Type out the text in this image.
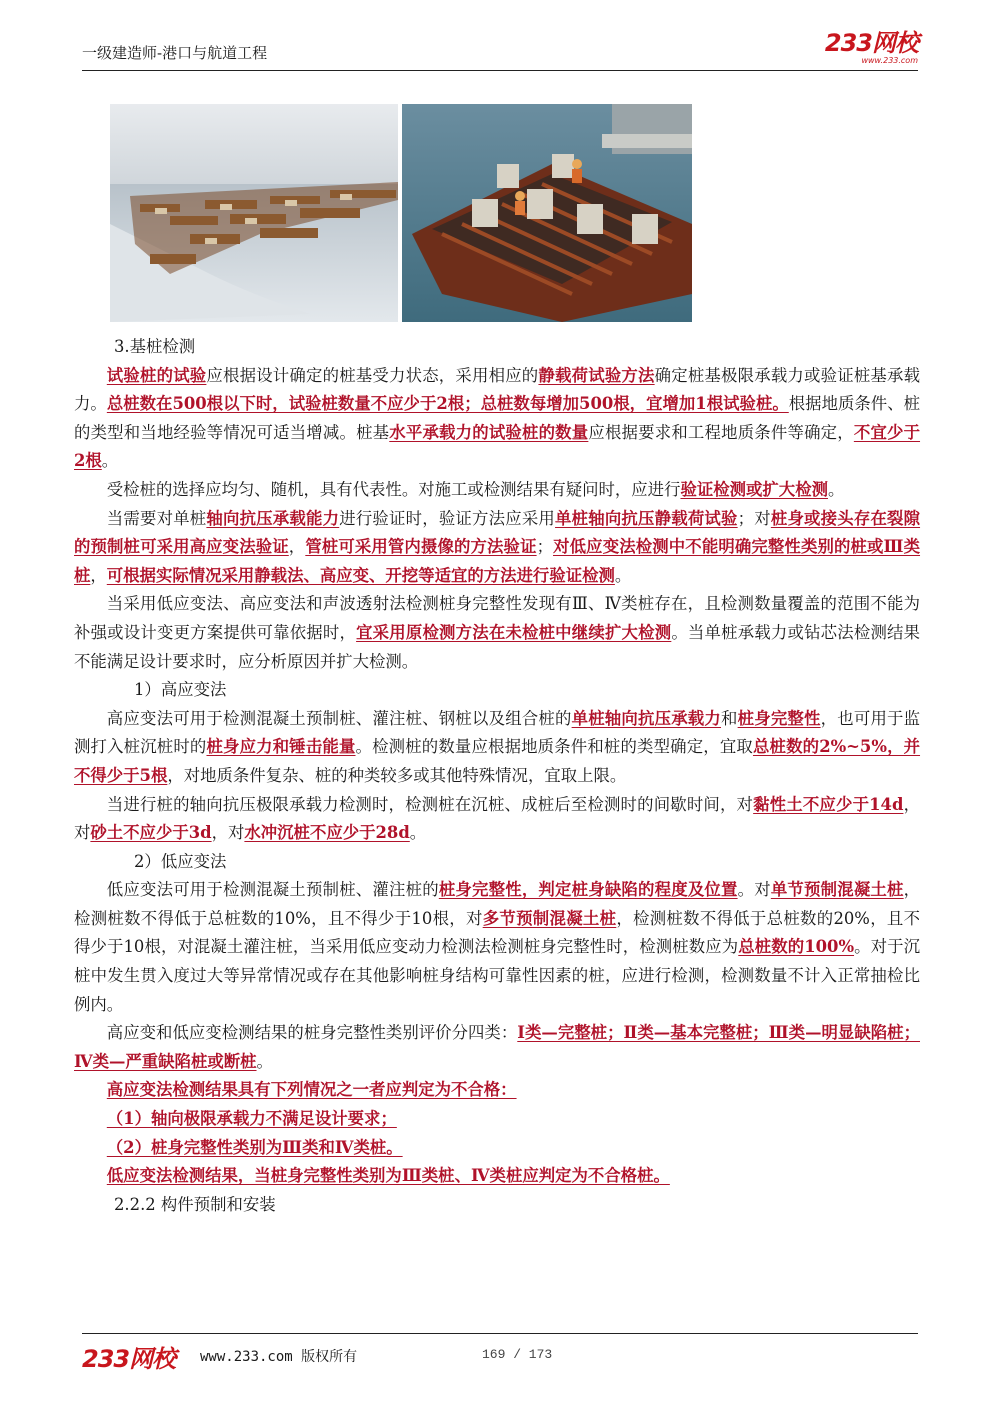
一级建造师-港口与航道工程	233网校
www.233.com

3.基桩检测

试验桩的试验应根据设计确定的桩基受力状态，采用相应的静载荷试验方法确定桩基极限承载力或验证桩基承载力。总桩数在500根以下时，试验桩数量不应少于2根；总桩数每增加500根，宜增加1根试验桩。根据地质条件、桩的类型和当地经验等情况可适当增减。桩基水平承载力的试验桩的数量应根据要求和工程地质条件等确定，不宜少于2根。

受检桩的选择应均匀、随机，具有代表性。对施工或检测结果有疑问时，应进行验证检测或扩大检测。

当需要对单桩轴向抗压承载能力进行验证时，验证方法应采用单桩轴向抗压静载荷试验；对桩身或接头存在裂隙的预制桩可采用高应变法验证，管桩可采用管内摄像的方法验证；对低应变法检测中不能明确完整性类别的桩或Ⅲ类桩，可根据实际情况采用静载法、高应变、开挖等适宜的方法进行验证检测。

当采用低应变法、高应变法和声波透射法检测桩身完整性发现有Ⅲ、Ⅳ类桩存在，且检测数量覆盖的范围不能为补强或设计变更方案提供可靠依据时，宜采用原检测方法在未检桩中继续扩大检测。当单桩承载力或钻芯法检测结果不能满足设计要求时，应分析原因并扩大检测。

1）高应变法

高应变法可用于检测混凝土预制桩、灌注桩、钢桩以及组合桩的单桩轴向抗压承载力和桩身完整性，也可用于监测打入桩沉桩时的桩身应力和锤击能量。检测桩的数量应根据地质条件和桩的类型确定，宜取总桩数的2%~5%，并不得少于5根，对地质条件复杂、桩的种类较多或其他特殊情况，宜取上限。

当进行桩的轴向抗压极限承载力检测时，检测桩在沉桩、成桩后至检测时的间歇时间，对黏性土不应少于14d，对砂土不应少于3d，对水冲沉桩不应少于28d。

2）低应变法

低应变法可用于检测混凝土预制桩、灌注桩的桩身完整性，判定桩身缺陷的程度及位置。对单节预制混凝土桩，检测桩数不得低于总桩数的10%，且不得少于10根，对多节预制混凝土桩，检测桩数不得低于总桩数的20%，且不得少于10根，对混凝土灌注桩，当采用低应变动力检测法检测桩身完整性时，检测桩数应为总桩数的100%。对于沉桩中发生贯入度过大等异常情况或存在其他影响桩身结构可靠性因素的桩，应进行检测，检测数量不计入正常抽检比例内。

高应变和低应变检测结果的桩身完整性类别评价分四类：Ⅰ类—完整桩；Ⅱ类—基本完整桩；Ⅲ类—明显缺陷桩；Ⅳ类—严重缺陷桩或断桩。

高应变法检测结果具有下列情况之一者应判定为不合格：

（1）轴向极限承载力不满足设计要求；

（2）桩身完整性类别为Ⅲ类和Ⅳ类桩。

低应变法检测结果，当桩身完整性类别为Ⅲ类桩、Ⅳ类桩应判定为不合格桩。

2.2.2 构件预制和安装

233网校 www.233.com 版权所有	169 / 173
